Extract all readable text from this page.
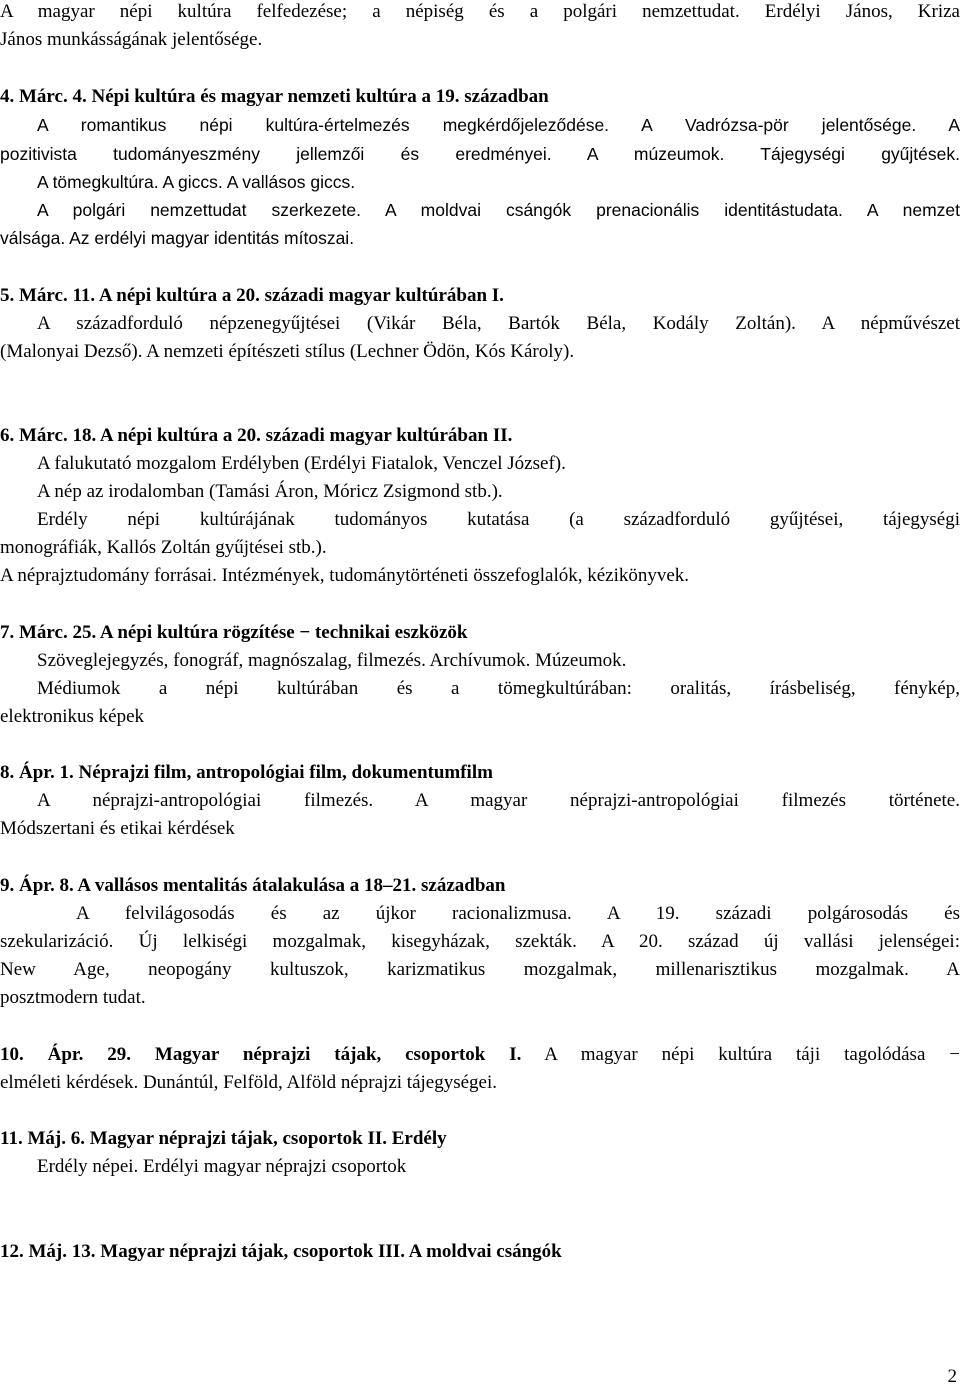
A magyar népi kultúra felfedezése; a népiség és a polgári nemzettudat. Erdélyi János, Kriza
János munkásságának jelentősége.
4. Márc. 4. Népi kultúra és magyar nemzeti kultúra a 19. században
A romantikus népi kultúra-értelmezés megkérdőjeleződése. A Vadrózsa-pör jelentősége. A
pozitivista tudományeszmény jellemzői és eredményei. A múzeumok. Tájegységi gyűjtések.
A tömegkultúra. A giccs. A vallásos giccs.
A polgári nemzettudat szerkezete. A moldvai csángók prenacionális identitástudata. A nemzet
válsága. Az erdélyi magyar identitás mítoszai.
5. Márc. 11. A népi kultúra a 20. századi magyar kultúrában I.
A századforduló népzenegyűjtései (Vikár Béla, Bartók Béla, Kodály Zoltán). A népművészet
(Malonyai Dezső). A nemzeti építészeti stílus (Lechner Ödön, Kós Károly).
6. Márc. 18. A népi kultúra a 20. századi magyar kultúrában II.
A falukutató mozgalom Erdélyben (Erdélyi Fiatalok, Venczel József).
A nép az irodalomban (Tamási Áron, Móricz Zsigmond stb.).
Erdély népi kultúrájának tudományos kutatása (a századforduló gyűjtései, tájegységi
monográfiák, Kallós Zoltán gyűjtései stb.).
A néprajztudomány forrásai. Intézmények, tudománytörténeti összefoglalók, kézikönyvek.
7. Márc. 25. A népi kultúra rögzítése − technikai eszközök
Szöveglejegyzés, fonográf, magnószalag, filmezés. Archívumok. Múzeumok.
Médiumok a népi kultúrában és a tömegkultúrában: oralitás, írásbeliség, fénykép,
elektronikus képek
8. Ápr. 1. Néprajzi film, antropológiai film, dokumentumfilm
A néprajzi-antropológiai filmezés. A magyar néprajzi-antropológiai filmezés története.
Módszertani és etikai kérdések
9. Ápr. 8. A vallásos mentalitás átalakulása a 18–21. században
A felvilágosodás és az újkor racionalizmusa. A 19. századi polgárosodás és
szekularizáció. Új lelkiségi mozgalmak, kisegyházak, szekták. A 20. század új vallási jelenségei:
New Age, neopogány kultuszok, karizmatikus mozgalmak, millenarisztikus mozgalmak. A
posztmodern tudat.
10. Ápr. 29. Magyar néprajzi tájak, csoportok I. A magyar népi kultúra táji tagolódása −
elméleti kérdések. Dunántúl, Felföld, Alföld néprajzi tájegységei.
11. Máj. 6. Magyar néprajzi tájak, csoportok II. Erdély
Erdély népei. Erdélyi magyar néprajzi csoportok
12. Máj. 13. Magyar néprajzi tájak, csoportok III. A moldvai csángók
2
